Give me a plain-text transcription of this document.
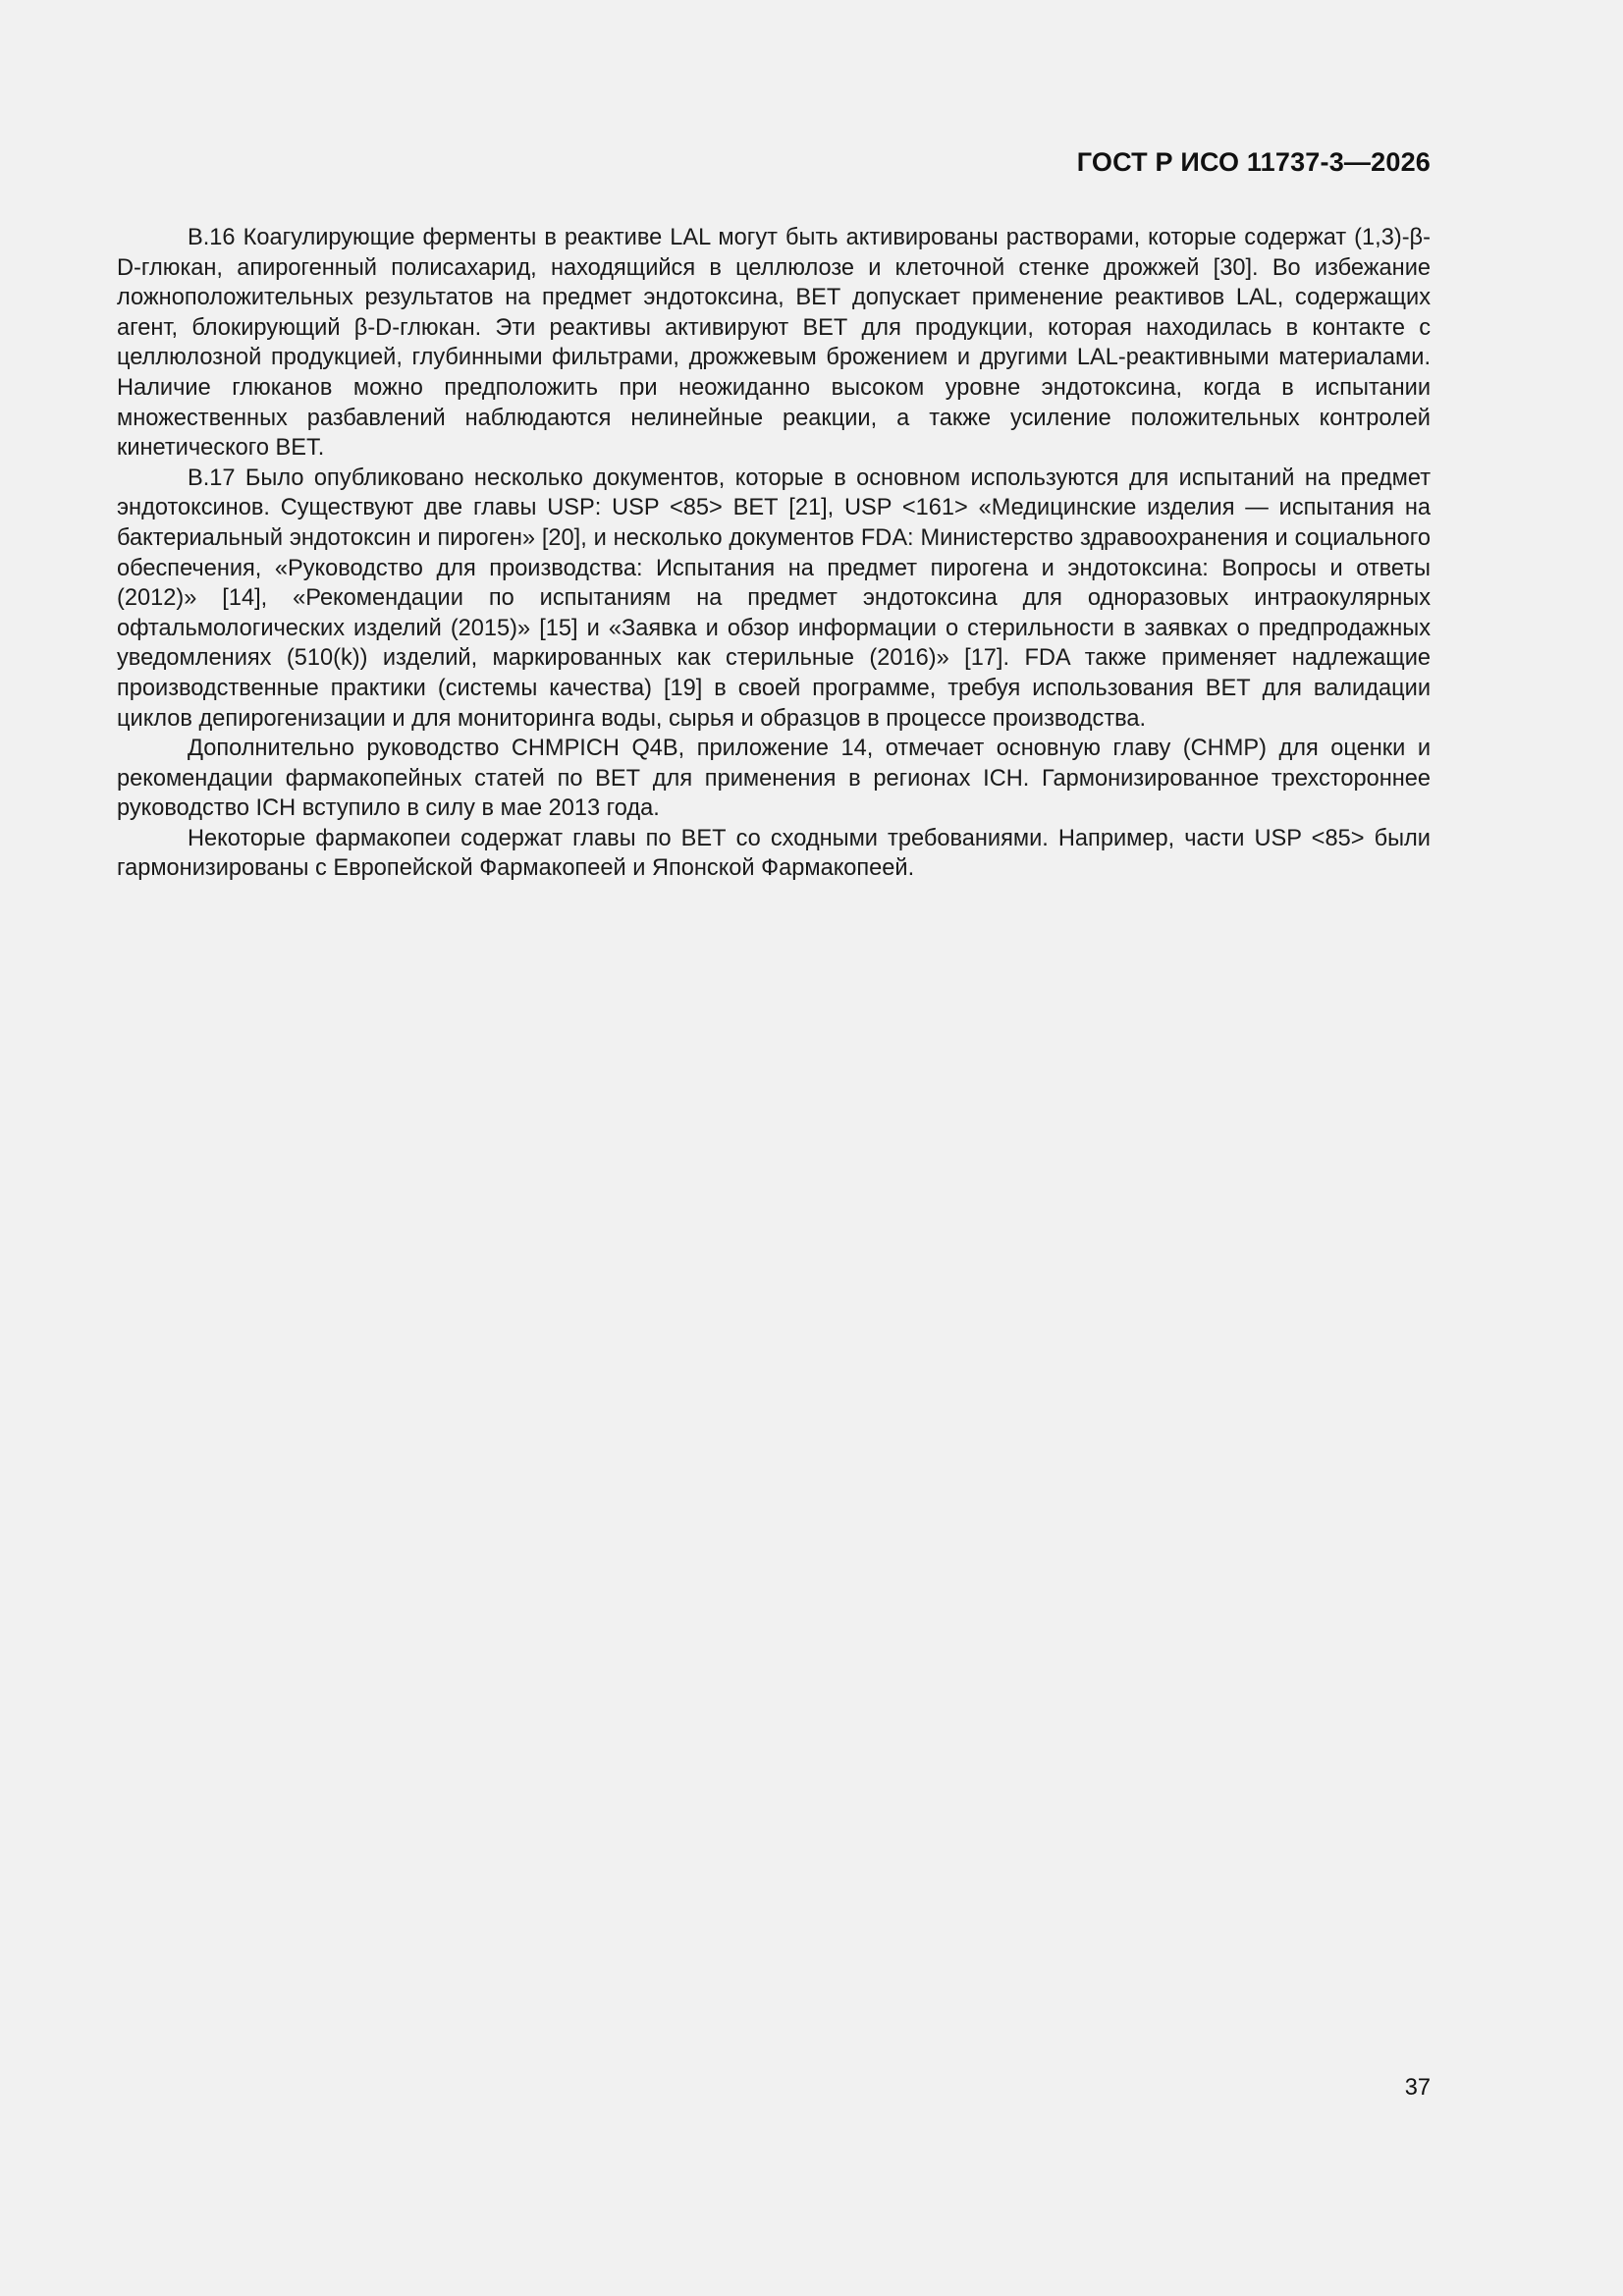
ГОСТ Р ИСО 11737-3—2026

В.16 Коагулирующие ферменты в реактиве LAL могут быть активированы растворами, которые содержат (1,3)-β-D-глюкан, апирогенный полисахарид, находящийся в целлюлозе и клеточной стенке дрожжей [30]. Во избежание ложноположительных результатов на предмет эндотоксина, ВЕТ допускает применение реактивов LAL, содержащих агент, блокирующий β-D-глюкан. Эти реактивы активируют ВЕТ для продукции, которая находилась в контакте с целлюлозной продукцией, глубинными фильтрами, дрожжевым брожением и другими LAL-реактивными материалами. Наличие глюканов можно предположить при неожиданно высоком уровне эндотоксина, когда в испытании множественных разбавлений наблюдаются нелинейные реакции, а также усиление положительных контролей кинетического ВЕТ.

В.17 Было опубликовано несколько документов, которые в основном используются для испытаний на предмет эндотоксинов. Существуют две главы USP: USP <85> ВЕТ [21], USP <161> «Медицинские изделия — испытания на бактериальный эндотоксин и пироген» [20], и несколько документов FDA: Министерство здравоохранения и социального обеспечения, «Руководство для производства: Испытания на предмет пирогена и эндотоксина: Вопросы и ответы (2012)» [14], «Рекомендации по испытаниям на предмет эндотоксина для одноразовых интраокулярных офтальмологических изделий (2015)» [15] и «Заявка и обзор информации о стерильности в заявках о предпродажных уведомлениях (510(k)) изделий, маркированных как стерильные (2016)» [17]. FDA также применяет надлежащие производственные практики (системы качества) [19] в своей программе, требуя использования ВЕТ для валидации циклов депирогенизации и для мониторинга воды, сырья и образцов в процессе производства.

Дополнительно руководство CHMPICH Q4B, приложение 14, отмечает основную главу (CHMP) для оценки и рекомендации фармакопейных статей по ВЕТ для применения в регионах ICH. Гармонизированное трехстороннее руководство ICH вступило в силу в мае 2013 года.

Некоторые фармакопеи содержат главы по ВЕТ со сходными требованиями. Например, части USP <85> были гармонизированы с Европейской Фармакопеей и Японской Фармакопеей.

37
